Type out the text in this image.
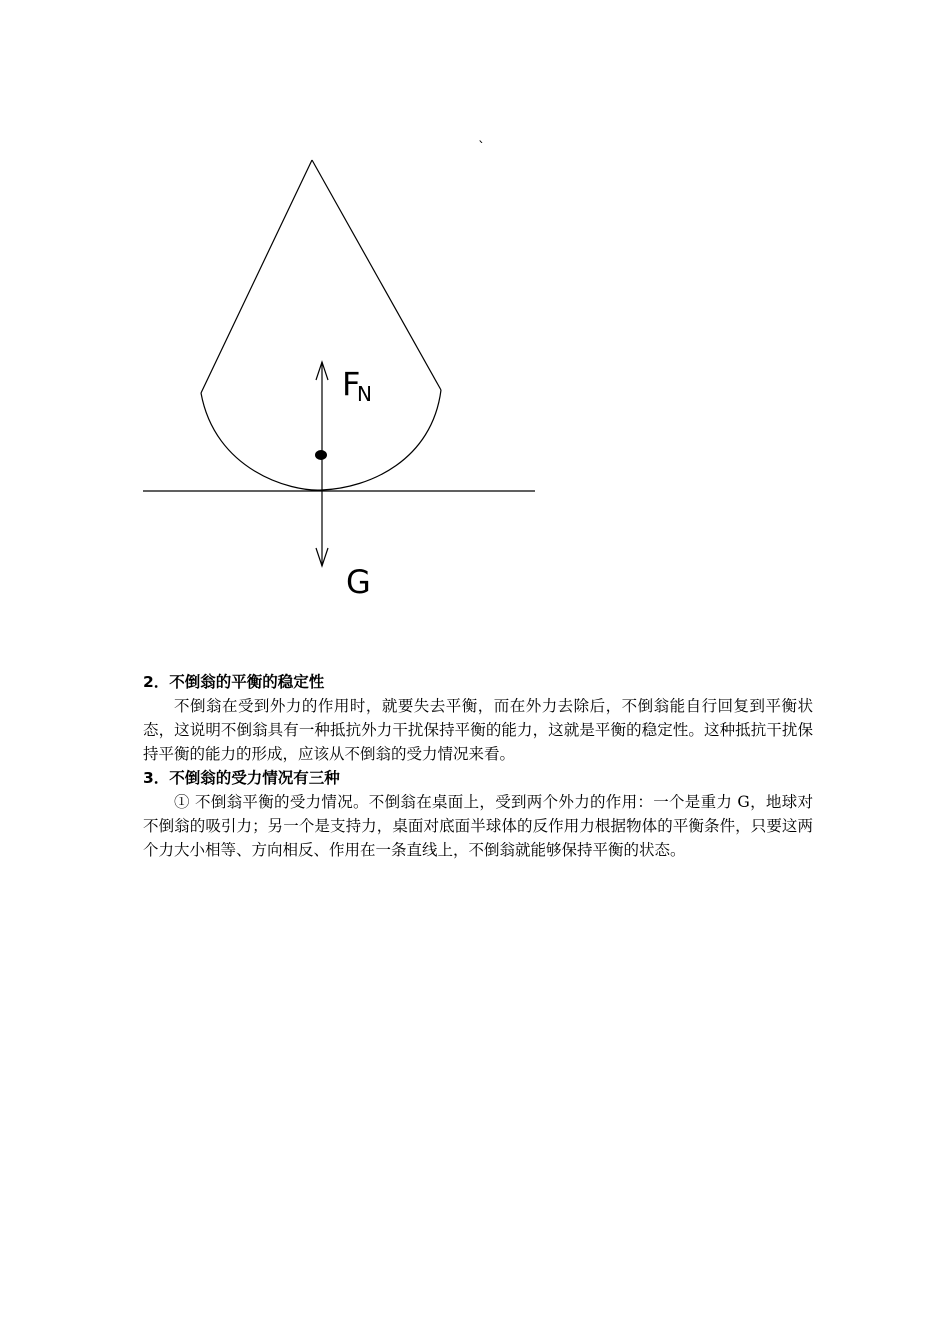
`
F
N
G

2．不倒翁的平衡的稳定性

不倒翁在受到外力的作用时，就要失去平衡，而在外力去除后，不倒翁能自行回复到平衡状态，这说明不倒翁具有一种抵抗外力干扰保持平衡的能力，这就是平衡的稳定性。这种抵抗干扰保持平衡的能力的形成，应该从不倒翁的受力情况来看。

3．不倒翁的受力情况有三种

① 不倒翁平衡的受力情况。不倒翁在桌面上，受到两个外力的作用：一个是重力 G，地球对不倒翁的吸引力；另一个是支持力，桌面对底面半球体的反作用力根据物体的平衡条件，只要这两个力大小相等、方向相反、作用在一条直线上，不倒翁就能够保持平衡的状态。
